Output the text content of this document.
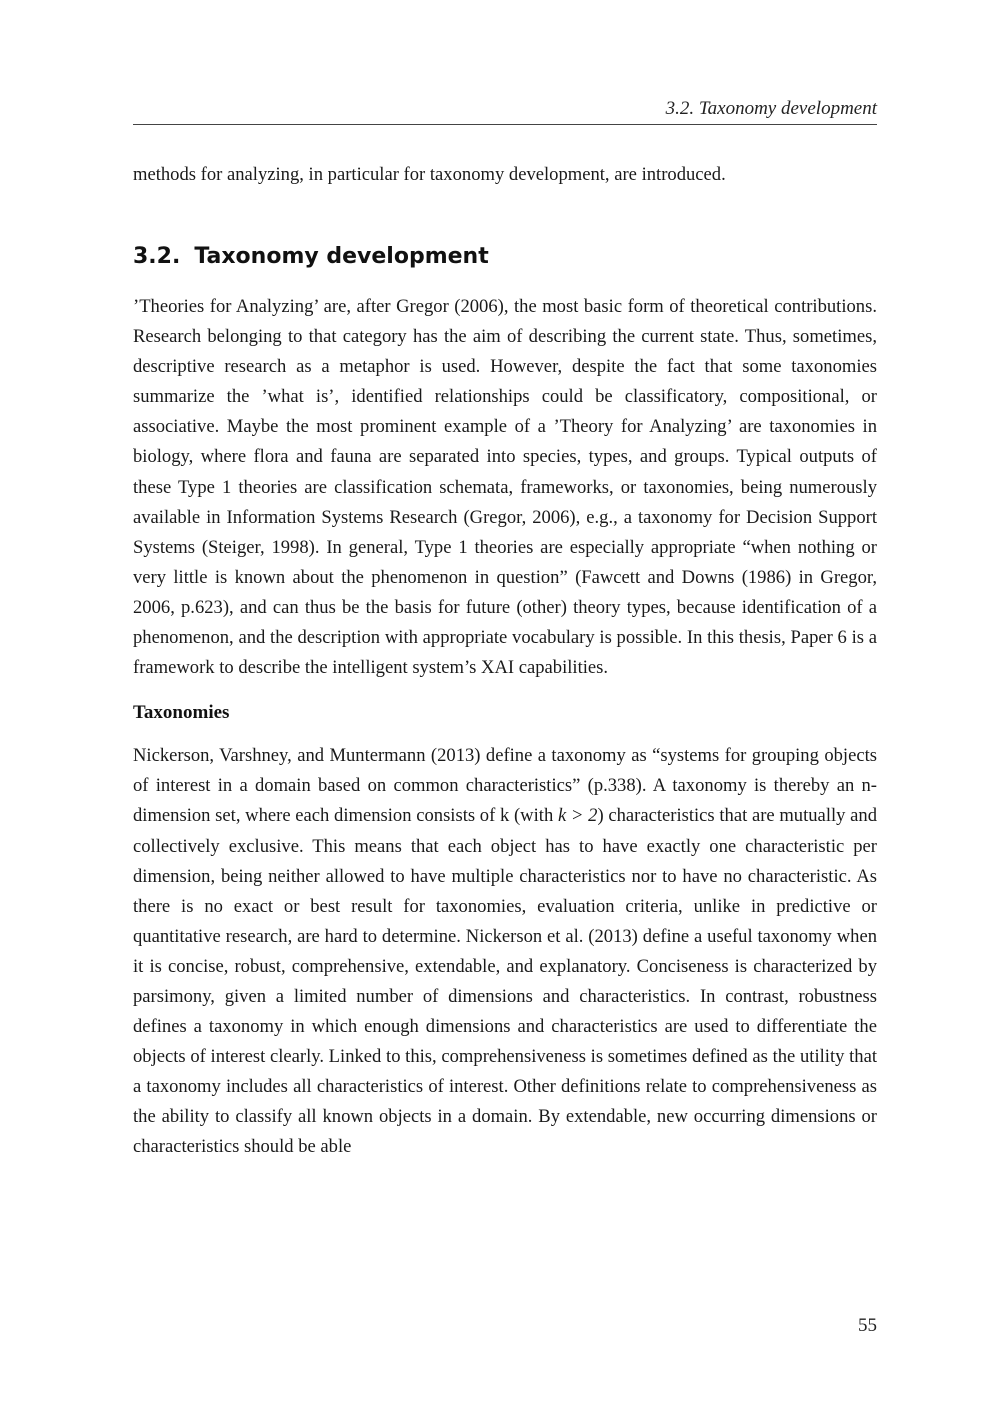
3.2. Taxonomy development

methods for analyzing, in particular for taxonomy development, are introduced.

3.2. Taxonomy development

’Theories for Analyzing’ are, after Gregor (2006), the most basic form of theoretical contributions. Research belonging to that category has the aim of describing the current state. Thus, sometimes, descriptive research as a metaphor is used. However, despite the fact that some taxonomies summarize the ’what is’, identified relationships could be classificatory, compositional, or associative. Maybe the most prominent example of a ’Theory for Analyzing’ are taxonomies in biology, where flora and fauna are separated into species, types, and groups. Typical outputs of these Type 1 theories are classification schemata, frameworks, or taxonomies, being numerously available in Information Systems Research (Gregor, 2006), e.g., a taxonomy for Decision Support Systems (Steiger, 1998). In general, Type 1 theories are especially appropriate “when nothing or very little is known about the phenomenon in question” (Fawcett and Downs (1986) in Gregor, 2006, p.623), and can thus be the basis for future (other) theory types, because identification of a phenomenon, and the description with appropriate vocabulary is possible. In this thesis, Paper 6 is a framework to describe the intelligent system’s XAI capabilities.

Taxonomies

Nickerson, Varshney, and Muntermann (2013) define a taxonomy as “systems for grouping objects of interest in a domain based on common characteristics” (p.338). A taxonomy is thereby an n-dimension set, where each dimension consists of k (with k > 2) characteristics that are mutually and collectively exclusive. This means that each object has to have exactly one characteristic per dimension, being neither allowed to have multiple characteristics nor to have no characteristic. As there is no exact or best result for taxonomies, evaluation criteria, unlike in predictive or quantitative research, are hard to determine. Nickerson et al. (2013) define a useful taxonomy when it is concise, robust, comprehensive, extendable, and explanatory. Conciseness is characterized by parsimony, given a limited number of dimensions and characteristics. In contrast, robustness defines a taxonomy in which enough dimensions and characteristics are used to differentiate the objects of interest clearly. Linked to this, comprehensiveness is sometimes defined as the utility that a taxonomy includes all characteristics of interest. Other definitions relate to comprehensiveness as the ability to classify all known objects in a domain. By extendable, new occurring dimensions or characteristics should be able

55
